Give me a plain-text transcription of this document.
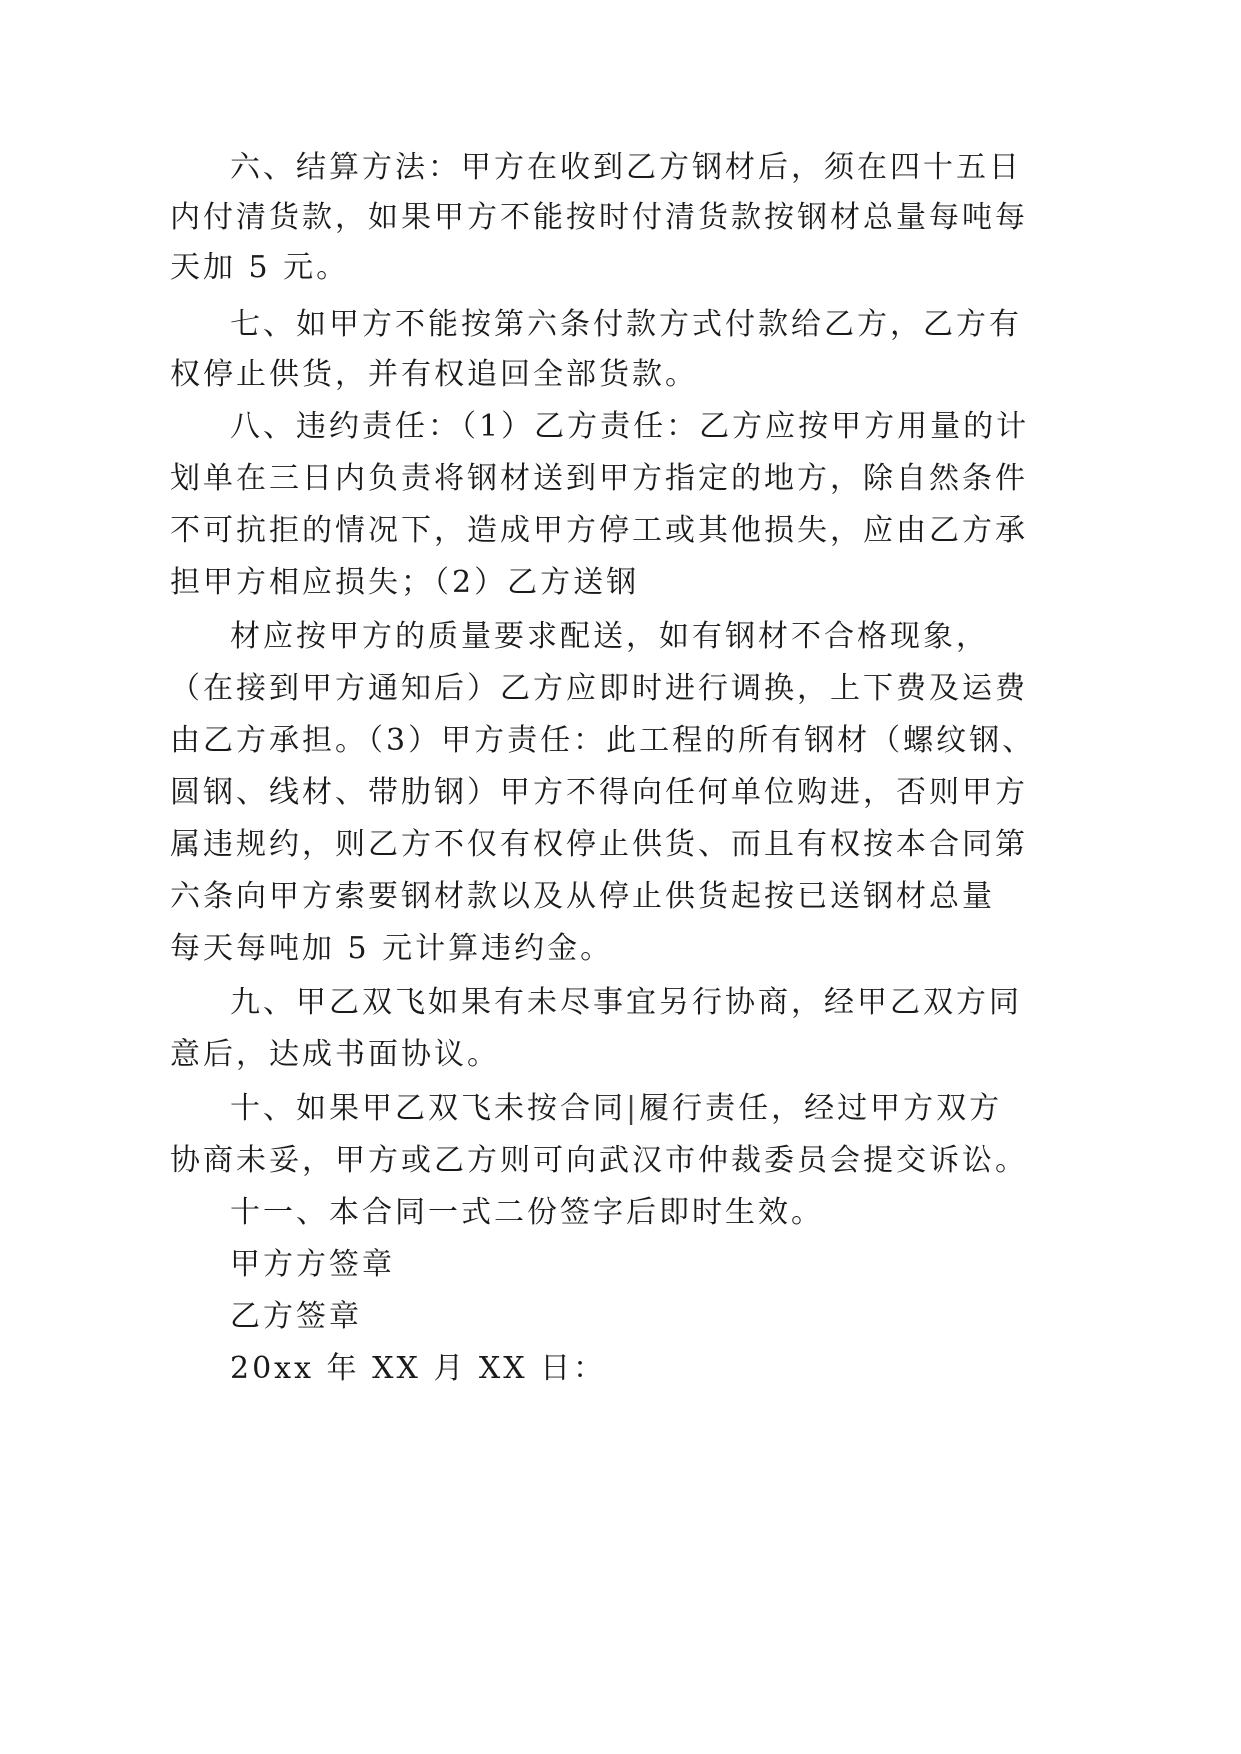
六、结算方法：甲方在收到乙方钢材后，须在四十五日
内付清货款，如果甲方不能按时付清货款按钢材总量每吨每
天加 5 元。
七、如甲方不能按第六条付款方式付款给乙方，乙方有
权停止供货，并有权追回全部货款。
八、违约责任：（1）乙方责任：乙方应按甲方用量的计
划单在三日内负责将钢材送到甲方指定的地方，除自然条件
不可抗拒的情况下，造成甲方停工或其他损失，应由乙方承
担甲方相应损失；（2）乙方送钢
材应按甲方的质量要求配送，如有钢材不合格现象，
（在接到甲方通知后）乙方应即时进行调换，上下费及运费
由乙方承担。（3）甲方责任：此工程的所有钢材（螺纹钢、
圆钢、线材、带肋钢）甲方不得向任何单位购进，否则甲方
属违规约，则乙方不仅有权停止供货、而且有权按本合同第
六条向甲方索要钢材款以及从停止供货起按已送钢材总量
每天每吨加 5 元计算违约金。
九、甲乙双飞如果有未尽事宜另行协商，经甲乙双方同
意后，达成书面协议。
十、如果甲乙双飞未按合同|履行责任，经过甲方双方
协商未妥，甲方或乙方则可向武汉市仲裁委员会提交诉讼。
十一、本合同一式二份签字后即时生效。
甲方方签章
乙方签章
20xx 年 XX 月 XX 日：
